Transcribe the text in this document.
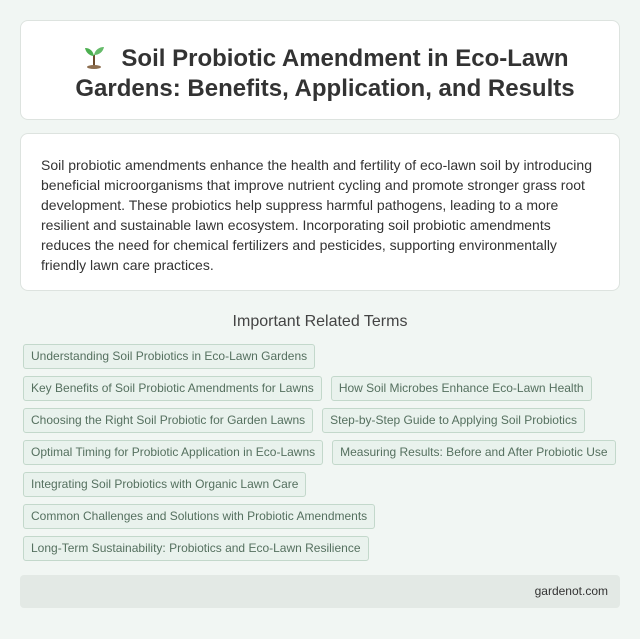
Soil Probiotic Amendment in Eco-Lawn Gardens: Benefits, Application, and Results

Soil probiotic amendments enhance the health and fertility of eco-lawn soil by introducing beneficial microorganisms that improve nutrient cycling and promote stronger grass root development. These probiotics help suppress harmful pathogens, leading to a more resilient and sustainable lawn ecosystem. Incorporating soil probiotic amendments reduces the need for chemical fertilizers and pesticides, supporting environmentally friendly lawn care practices.

Important Related Terms
Understanding Soil Probiotics in Eco-Lawn Gardens
Key Benefits of Soil Probiotic Amendments for Lawns	How Soil Microbes Enhance Eco-Lawn Health
Choosing the Right Soil Probiotic for Garden Lawns	Step-by-Step Guide to Applying Soil Probiotics
Optimal Timing for Probiotic Application in Eco-Lawns	Measuring Results: Before and After Probiotic Use
Integrating Soil Probiotics with Organic Lawn Care
Common Challenges and Solutions with Probiotic Amendments
Long-Term Sustainability: Probiotics and Eco-Lawn Resilience
gardenot.com
